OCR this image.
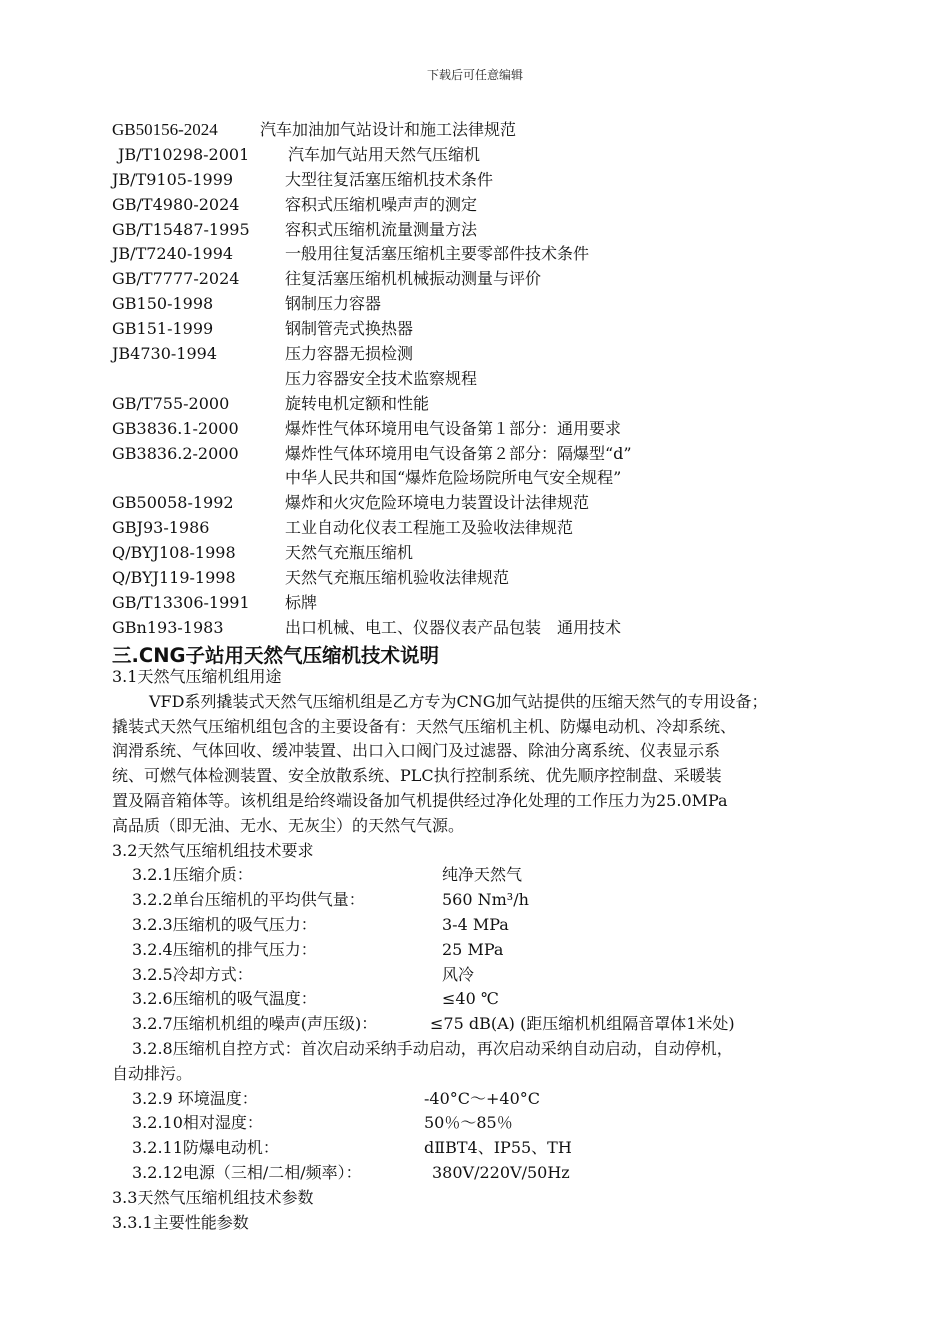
下载后可任意编辑
GB50156-2024	汽车加油加气站设计和施工法律规范
JB/T10298-2001 汽车加气站用天然气压缩机
JB/T9105-1999	大型往复活塞压缩机技术条件
GB/T4980-2024	容积式压缩机噪声声的测定
GB/T15487-1995 容积式压缩机流量测量方法
JB/T7240-1994	一般用往复活塞压缩机主要零部件技术条件
GB/T7777-2024	往复活塞压缩机机械振动测量与评价
GB150-1998	钢制压力容器
GB151-1999	钢制管壳式换热器
JB4730-1994	压力容器无损检测
压力容器安全技术监察规程
GB/T755-2000	旋转电机定额和性能
GB3836.1-2000	爆炸性气体环境用电气设备第１部分：通用要求
GB3836.2-2000	爆炸性气体环境用电气设备第２部分：隔爆型“d”
中华人民共和国“爆炸危险场院所电气安全规程”
GB50058-1992	爆炸和火灾危险环境电力装置设计法律规范
GBJ93-1986	工业自动化仪表工程施工及验收法律规范
Q/BYJ108-1998	天然气充瓶压缩机
Q/BYJ119-1998	天然气充瓶压缩机验收法律规范
GB/T13306-1991 标牌
GBn193-1983	出口机械、电工、仪器仪表产品包装　通用技术
三.CNG子站用天然气压缩机技术说明
3.1天然气压缩机组用途
VFD系列撬装式天然气压缩机组是乙方专为CNG加气站提供的压缩天然气的专用设备；
撬装式天然气压缩机组包含的主要设备有：天然气压缩机主机、防爆电动机、冷却系统、
润滑系统、气体回收、缓冲装置、出口入口阀门及过滤器、除油分离系统、仪表显示系
统、可燃气体检测装置、安全放散系统、PLC执行控制系统、优先顺序控制盘、采暖装
置及隔音箱体等。该机组是给终端设备加气机提供经过净化处理的工作压力为25.0MPa
高品质（即无油、无水、无灰尘）的天然气气源。
3.2天然气压缩机组技术要求
3.2.1压缩介质：	纯净天然气
3.2.2单台压缩机的平均供气量：	560 Nm³/h
3.2.3压缩机的吸气压力：	3-4 MPa
3.2.4压缩机的排气压力：	25 MPa
3.2.5冷却方式：	风冷
3.2.6压缩机的吸气温度：	≤40 ℃
3.2.7压缩机机组的噪声(声压级)：	≤75 dB(A) (距压缩机机组隔音罩体1米处)
3.2.8压缩机自控方式：首次启动采纳手动启动，再次启动采纳自动启动，自动停机，
自动排污。
3.2.9 环境温度：	-40°C～+40°C
3.2.10相对湿度：	50％～85％
3.2.11防爆电动机：	dⅡBT4、IP55、TH
3.2.12电源（三相/二相/频率）：	380V/220V/50Hz
3.3天然气压缩机组技术参数
3.3.1主要性能参数
